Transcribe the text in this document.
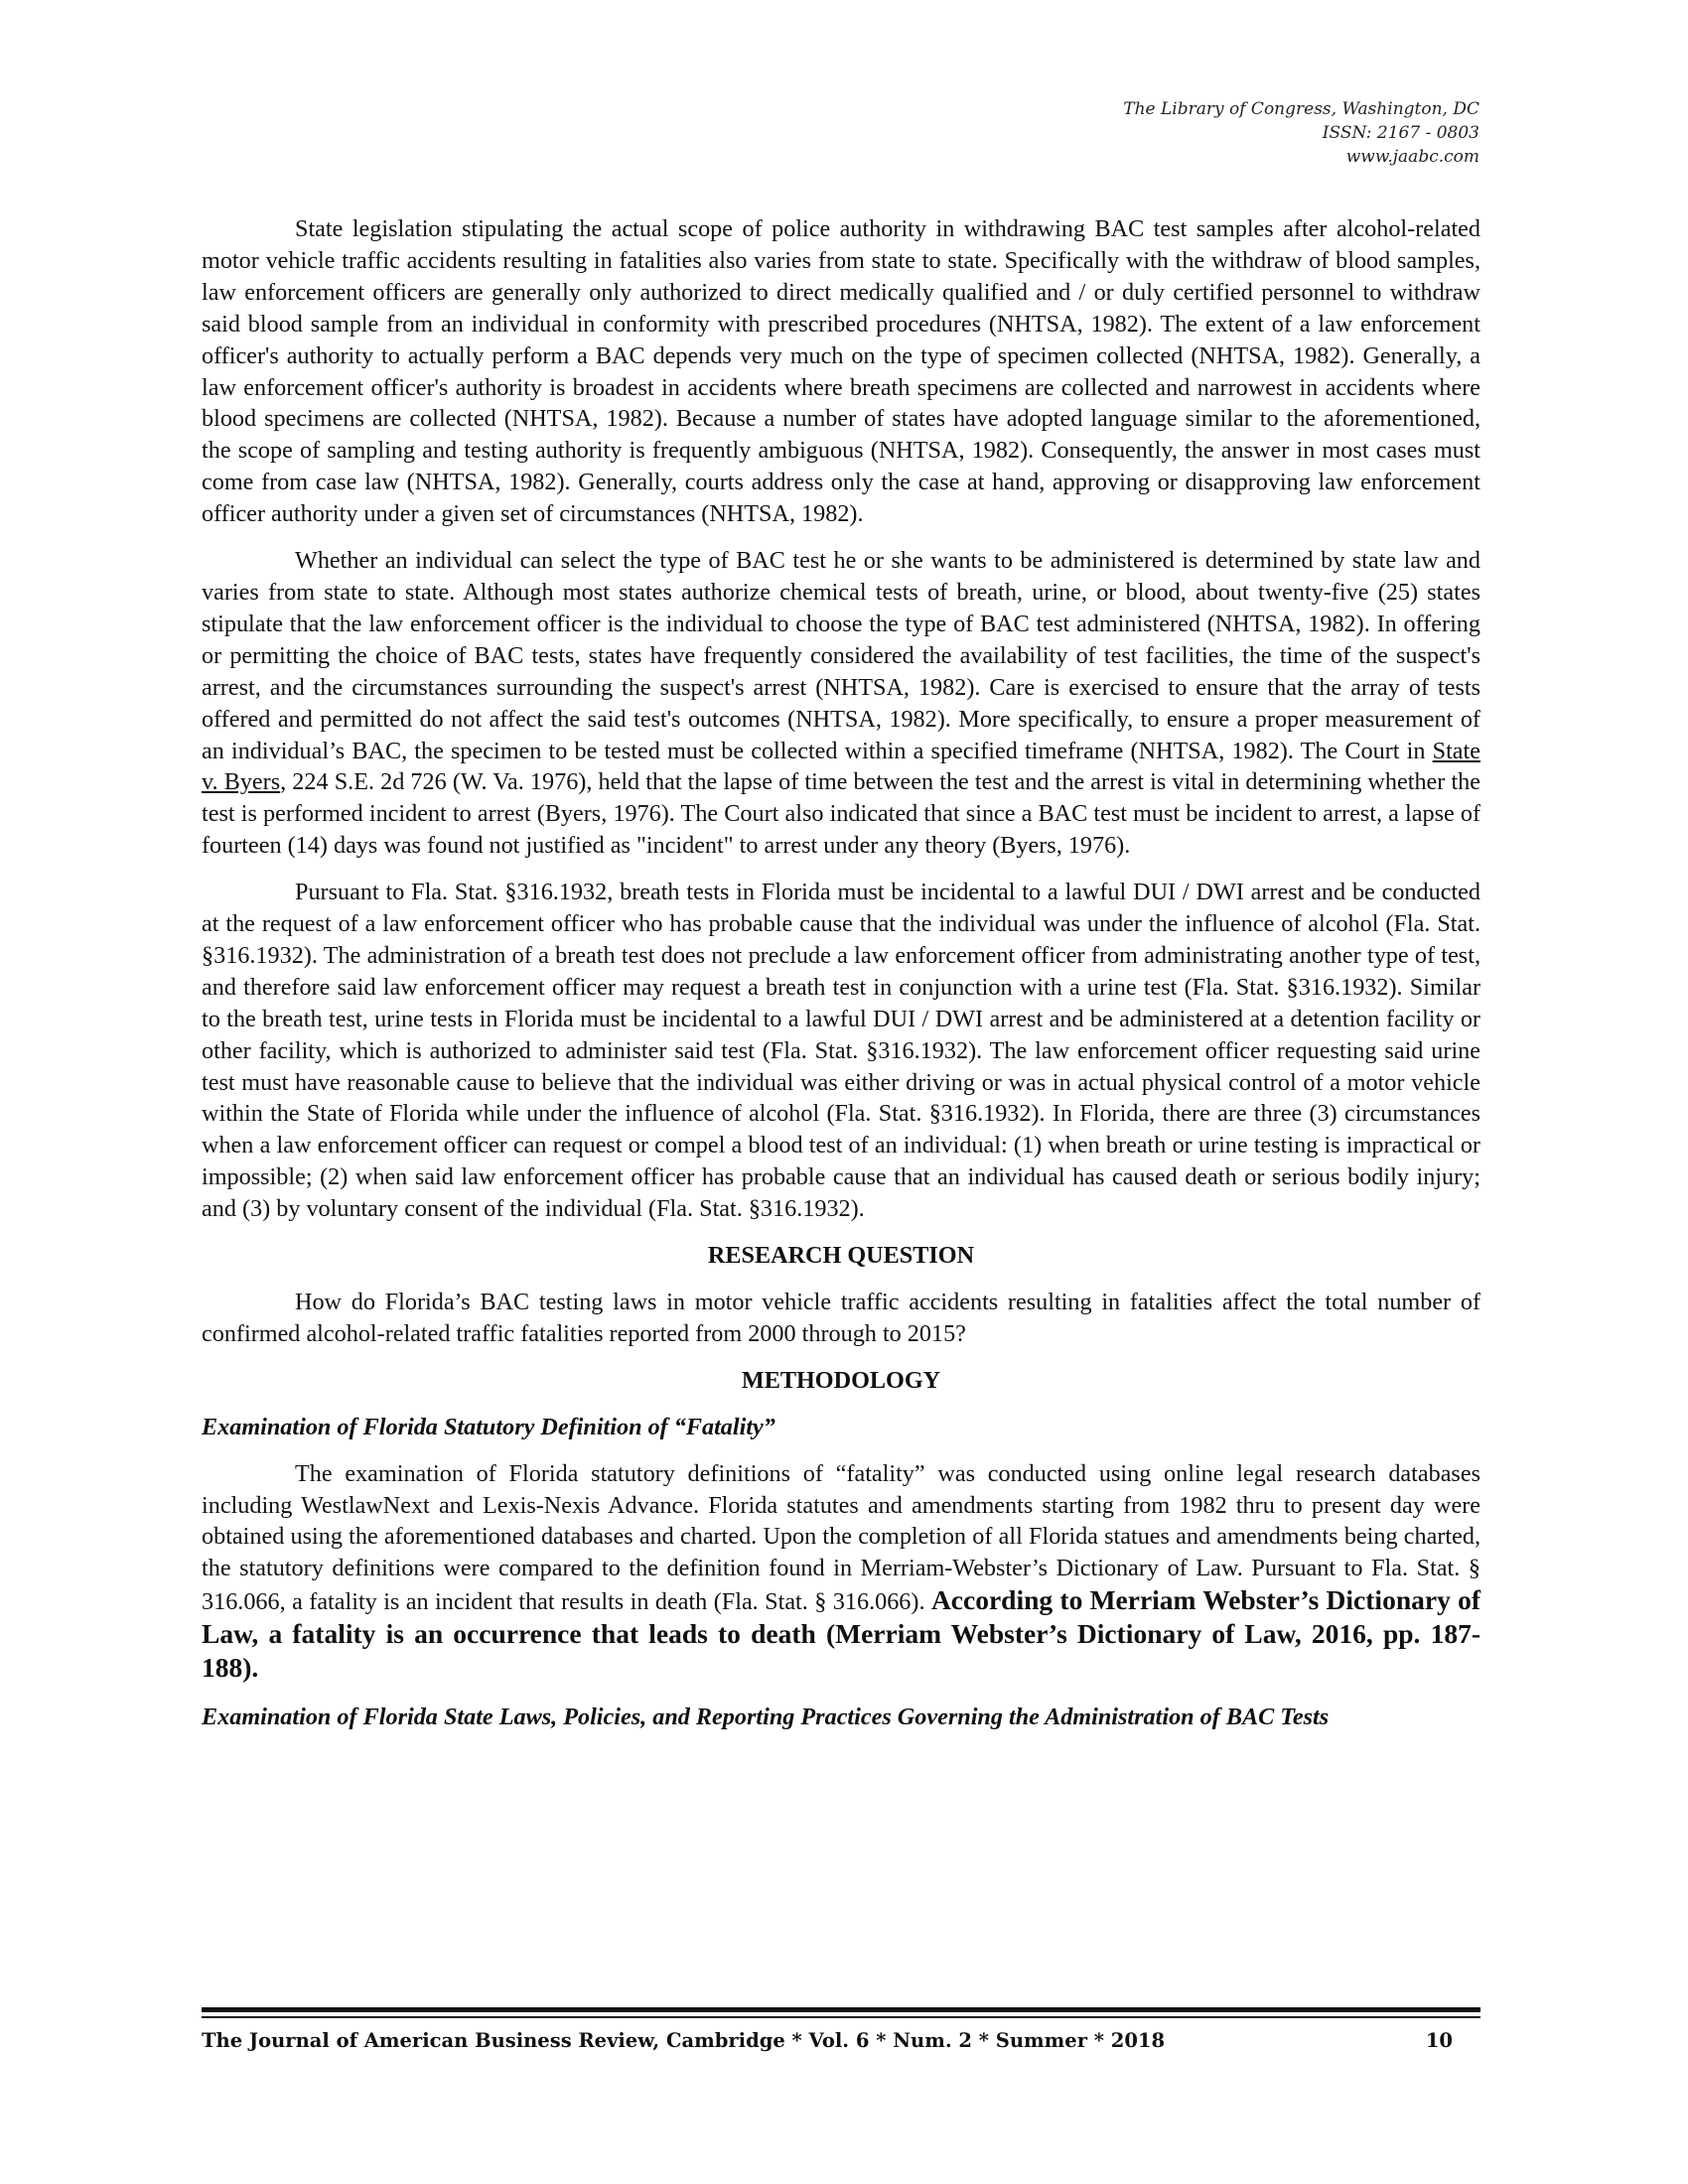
The Library of Congress, Washington, DC
ISSN: 2167 - 0803
www.jaabc.com

State legislation stipulating the actual scope of police authority in withdrawing BAC test samples after alcohol-related motor vehicle traffic accidents resulting in fatalities also varies from state to state. Specifically with the withdraw of blood samples, law enforcement officers are generally only authorized to direct medically qualified and / or duly certified personnel to withdraw said blood sample from an individual in conformity with prescribed procedures (NHTSA, 1982). The extent of a law enforcement officer's authority to actually perform a BAC depends very much on the type of specimen collected (NHTSA, 1982). Generally, a law enforcement officer's authority is broadest in accidents where breath specimens are collected and narrowest in accidents where blood specimens are collected (NHTSA, 1982). Because a number of states have adopted language similar to the aforementioned, the scope of sampling and testing authority is frequently ambiguous (NHTSA, 1982). Consequently, the answer in most cases must come from case law (NHTSA, 1982). Generally, courts address only the case at hand, approving or disapproving law enforcement officer authority under a given set of circumstances (NHTSA, 1982).

Whether an individual can select the type of BAC test he or she wants to be administered is determined by state law and varies from state to state. Although most states authorize chemical tests of breath, urine, or blood, about twenty-five (25) states stipulate that the law enforcement officer is the individual to choose the type of BAC test administered (NHTSA, 1982). In offering or permitting the choice of BAC tests, states have frequently considered the availability of test facilities, the time of the suspect's arrest, and the circumstances surrounding the suspect's arrest (NHTSA, 1982). Care is exercised to ensure that the array of tests offered and permitted do not affect the said test's outcomes (NHTSA, 1982). More specifically, to ensure a proper measurement of an individual’s BAC, the specimen to be tested must be collected within a specified timeframe (NHTSA, 1982). The Court in State v. Byers, 224 S.E. 2d 726 (W. Va. 1976), held that the lapse of time between the test and the arrest is vital in determining whether the test is performed incident to arrest (Byers, 1976). The Court also indicated that since a BAC test must be incident to arrest, a lapse of fourteen (14) days was found not justified as "incident" to arrest under any theory (Byers, 1976).

Pursuant to Fla. Stat. §316.1932, breath tests in Florida must be incidental to a lawful DUI / DWI arrest and be conducted at the request of a law enforcement officer who has probable cause that the individual was under the influence of alcohol (Fla. Stat. §316.1932). The administration of a breath test does not preclude a law enforcement officer from administrating another type of test, and therefore said law enforcement officer may request a breath test in conjunction with a urine test (Fla. Stat. §316.1932). Similar to the breath test, urine tests in Florida must be incidental to a lawful DUI / DWI arrest and be administered at a detention facility or other facility, which is authorized to administer said test (Fla. Stat. §316.1932). The law enforcement officer requesting said urine test must have reasonable cause to believe that the individual was either driving or was in actual physical control of a motor vehicle within the State of Florida while under the influence of alcohol (Fla. Stat. §316.1932). In Florida, there are three (3) circumstances when a law enforcement officer can request or compel a blood test of an individual: (1) when breath or urine testing is impractical or impossible; (2) when said law enforcement officer has probable cause that an individual has caused death or serious bodily injury; and (3) by voluntary consent of the individual (Fla. Stat. §316.1932).

RESEARCH QUESTION

How do Florida’s BAC testing laws in motor vehicle traffic accidents resulting in fatalities affect the total number of confirmed alcohol-related traffic fatalities reported from 2000 through to 2015?

METHODOLOGY

Examination of Florida Statutory Definition of “Fatality”

The examination of Florida statutory definitions of “fatality” was conducted using online legal research databases including WestlawNext and Lexis-Nexis Advance. Florida statutes and amendments starting from 1982 thru to present day were obtained using the aforementioned databases and charted. Upon the completion of all Florida statues and amendments being charted, the statutory definitions were compared to the definition found in Merriam-Webster’s Dictionary of Law. Pursuant to Fla. Stat. § 316.066, a fatality is an incident that results in death (Fla. Stat. § 316.066). According to Merriam Webster’s Dictionary of Law, a fatality is an occurrence that leads to death (Merriam Webster’s Dictionary of Law, 2016, pp. 187-188).

Examination of Florida State Laws, Policies, and Reporting Practices Governing the Administration of BAC Tests

The Journal of American Business Review, Cambridge * Vol. 6 * Num. 2 * Summer * 2018	10
